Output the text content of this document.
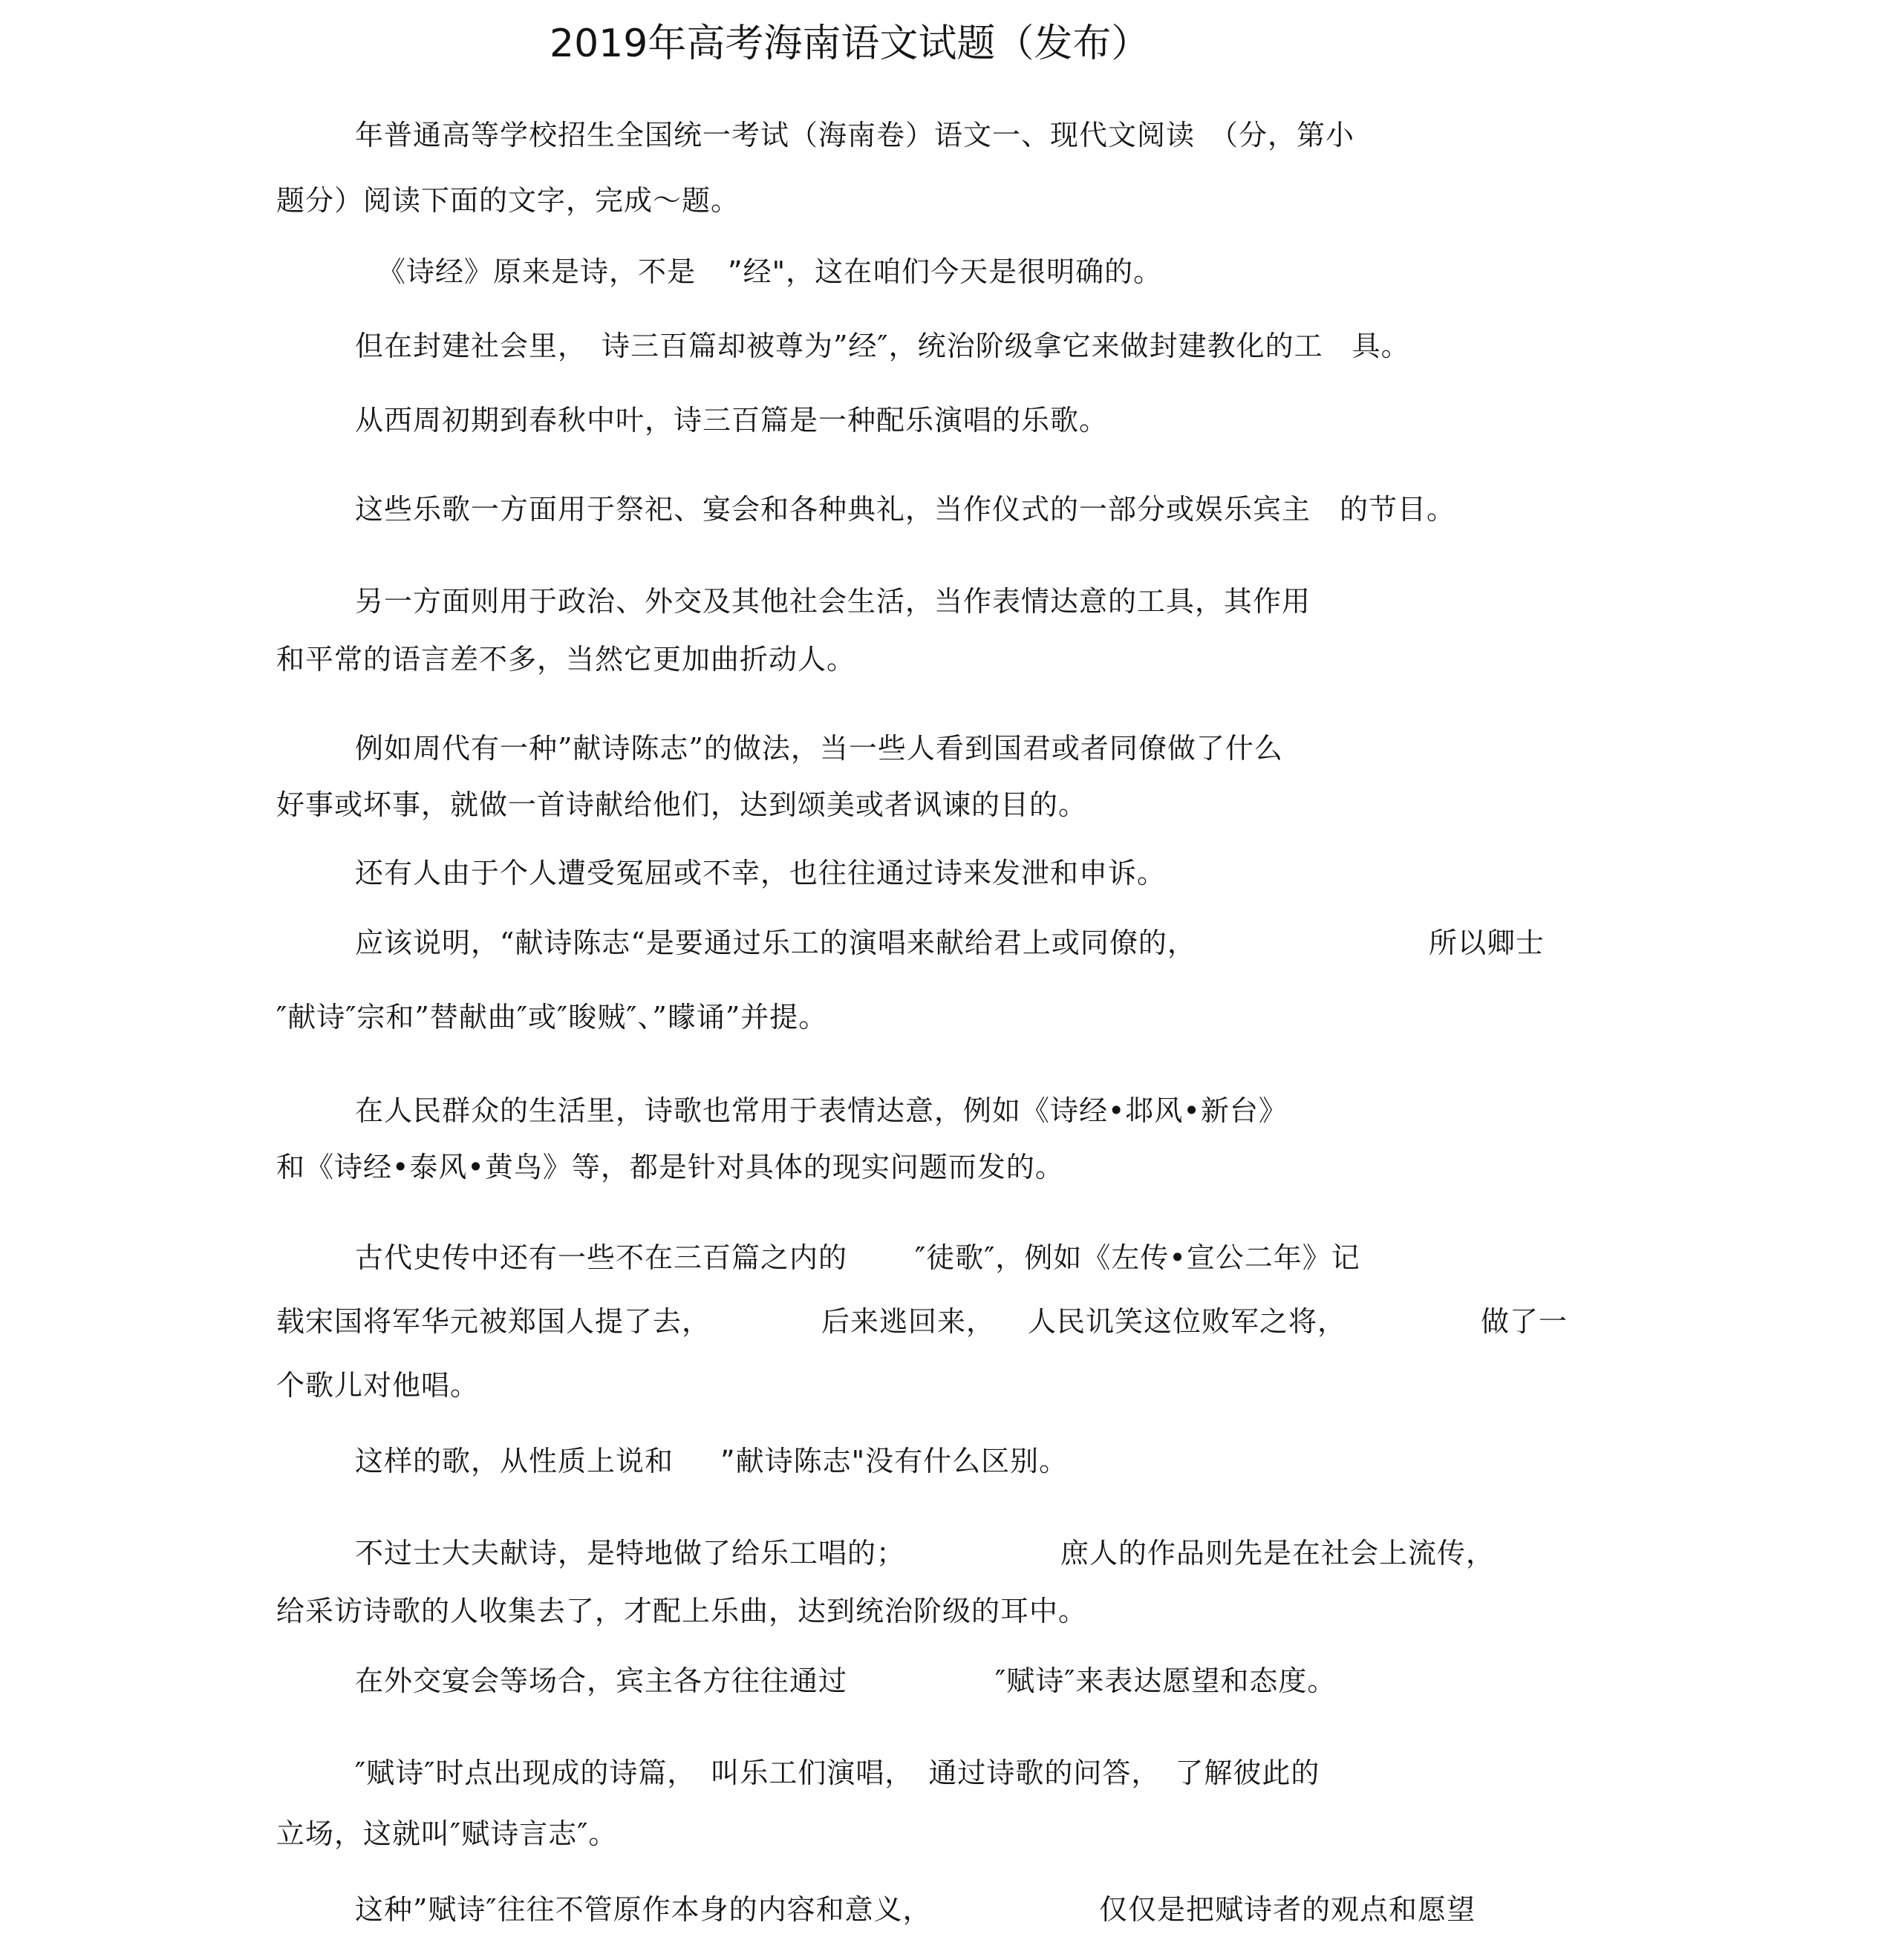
2019年高考海南语文试题（发布）
年普通高等学校招生全国统一考试（海南卷）语文一、现代文阅读　（分，第小
题分）阅读下面的文字，完成～题。
《诗经》原来是诗，不是 ”经"，这在咱们今天是很明确的。
但在封建社会里，　诗三百篇却被尊为”经″，统治阶级拿它来做封建教化的工　具。
从西周初期到春秋中叶，诗三百篇是一种配乐演唱的乐歌。
这些乐歌一方面用于祭祀、宴会和各种典礼，当作仪式的一部分或娱乐宾主　的节目。
另一方面则用于政治、外交及其他社会生活，当作表情达意的工具，其作用
和平常的语言差不多，当然它更加曲折动人。
例如周代有一种”献诗陈志”的做法，当一些人看到国君或者同僚做了什么
好事或坏事，就做一首诗献给他们，达到颂美或者讽谏的目的。
还有人由于个人遭受冤屈或不幸，也往往通过诗来发泄和申诉。
应该说明，“献诗陈志“是要通过乐工的演唱来献给君上或同僚的，	所以卿士
″献诗″宗和”替献曲″或″睃贼″、”矇诵”并提。
在人民群众的生活里，诗歌也常用于表情达意，例如《诗经•邶风•新台》
和《诗经•泰风•黄鸟》等，都是针对具体的现实问题而发的。
古代史传中还有一些不在三百篇之内的 ″徒歌″，例如《左传•宣公二年》记
载宋国将军华元被郑国人提了去，	后来逃回来， 人民讥笑这位败军之将，	做了一
个歌儿对他唱。
这样的歌，从性质上说和 ”献诗陈志"没有什么区别。
不过士大夫献诗，是特地做了给乐工唱的；	庶人的作品则先是在社会上流传，
给采访诗歌的人收集去了，才配上乐曲，达到统治阶级的耳中。
在外交宴会等场合，宾主各方往往通过	″赋诗″来表达愿望和态度。
″赋诗″时点出现成的诗篇，　叫乐工们演唱，　通过诗歌的问答，　了解彼此的
立场，这就叫″赋诗言志″。
这种”赋诗″往往不管原作本身的内容和意义，	仅仅是把赋诗者的观点和愿望
